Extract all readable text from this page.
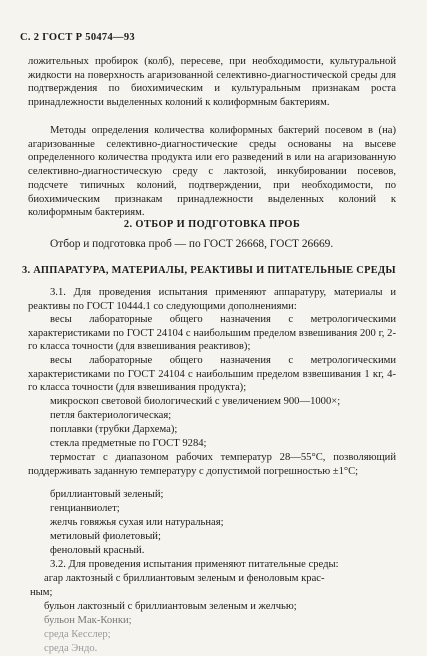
С. 2 ГОСТ Р 50474—93

ложительных пробирок (колб), пересеве, при необходимости, культуральной жидкости на поверхность агаризованной селективно-диагностической среды для подтверждения по биохимическим и культуральным признакам роста принадлежности выделенных колоний к колиформным бактериям.

Методы определения количества колиформных бактерий посевом в (на) агаризованные селективно-диагностические среды основаны на высеве определенного количества продукта или его разведений в или на агаризованную селективно-диагностическую среду с лактозой, инкубировании посевов, подсчете типичных колоний, подтверждении, при необходимости, по биохимическим признакам принадлежности выделенных колоний к колиформным бактериям.

2. ОТБОР И ПОДГОТОВКА ПРОБ

Отбор и подготовка проб — по ГОСТ 26668, ГОСТ 26669.

3. АППАРАТУРА, МАТЕРИАЛЫ, РЕАКТИВЫ И ПИТАТЕЛЬНЫЕ СРЕДЫ

3.1. Для проведения испытания применяют аппаратуру, материалы и реактивы по ГОСТ 10444.1 со следующими дополнениями:

весы лабораторные общего назначения с метрологическими характеристиками по ГОСТ 24104 с наибольшим пределом взвешивания 200 г, 2-го класса точности (для взвешивания реактивов);

весы лабораторные общего назначения с метрологическими характеристиками по ГОСТ 24104 с наибольшим пределом взвешивания 1 кг, 4-го класса точности (для взвешивания продукта);

микроскоп световой биологический с увеличением 900—1000×;

петля бактериологическая;

поплавки (трубки Дархема);

стекла предметные по ГОСТ 9284;

термостат с диапазоном рабочих температур 28—55°С, позволяющий поддерживать заданную температуру с допустимой погрешностью ±1°С;

бриллиантовый зеленый;

генцианвиолет;

желчь говяжья сухая или натуральная;

метиловый фиолетовый;

феноловый красный.

3.2. Для проведения испытания применяют питательные среды:

агар лактозный с бриллиантовым зеленым и феноловым крас-
ным;
бульон лактозный с бриллиантовым зеленым и желчью;
бульон Мак-Конки;
среда Кесслер;
среда Эндо.
